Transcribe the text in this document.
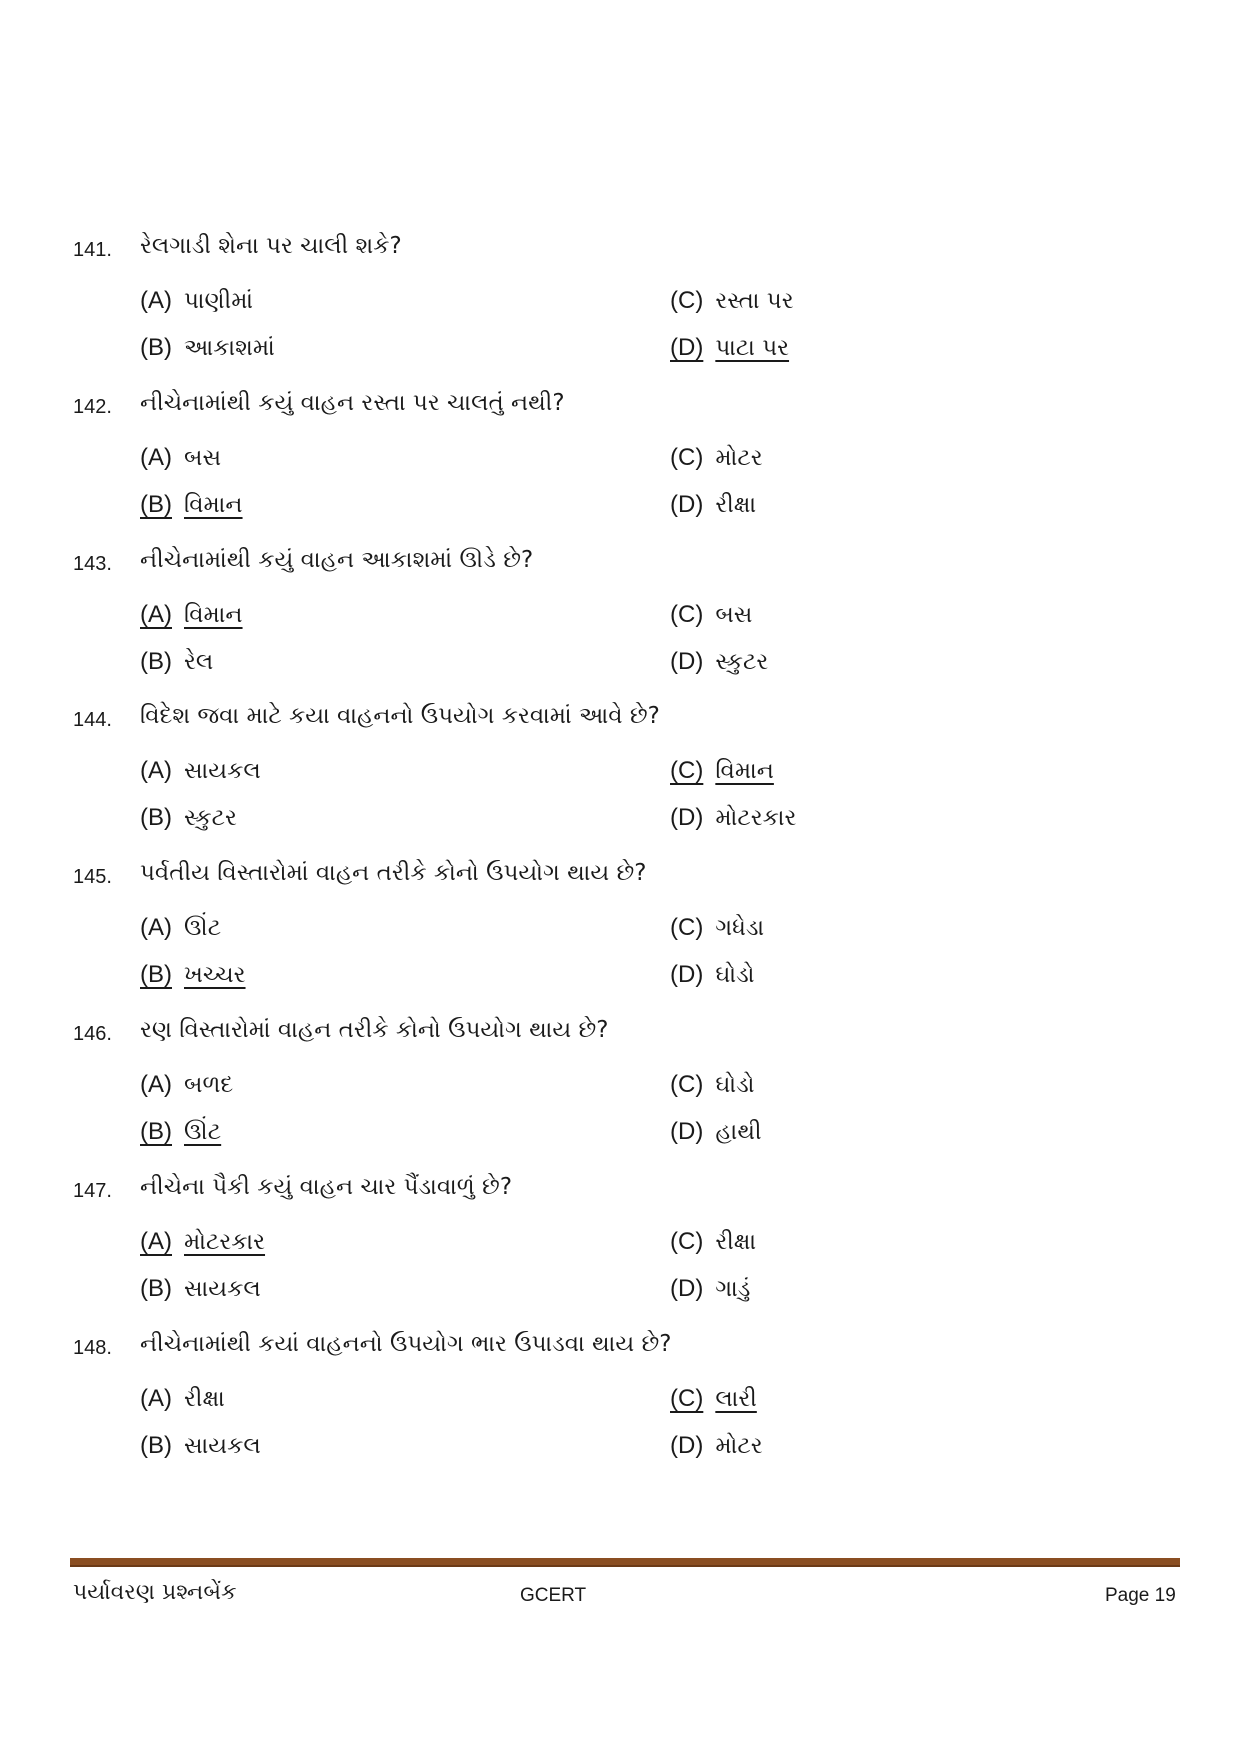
141. રેલગાડી શેના પર ચાલી શકે?
(A) પાણીમાં	(C) રસ્તા પર
(B) આકાશમાં	(D) પાટા પર
142. નીચેનામાંથી કયું વાહન રસ્તા પર ચાલતું નથી?
(A) બસ	(C) મોટર
(B) વિમાન	(D) રીક્ષા
143. નીચેનામાંથી કયું વાહન આકાશમાં ઊડે છે?
(A) વિમાન	(C) બસ
(B) રેલ	(D) સ્કુટર
144. વિદેશ જવા માટે કયા વાહનનો ઉપયોગ કરવામાં આવે છે?
(A) સાયકલ	(C) વિમાન
(B) સ્કુટર	(D) મોટરકાર
145. પર્વતીય વિસ્તારોમાં વાહન તરીકે કોનો ઉપયોગ થાય છે?
(A) ઊંટ	(C) ગધેડા
(B) ખચ્ચર	(D) ઘોડો
146. રણ વિસ્તારોમાં વાહન તરીકે કોનો ઉપયોગ થાય છે?
(A) બળદ	(C) ઘોડો
(B) ઊંટ	(D) હાથી
147. નીચેના પૈકી કયું વાહન ચાર પૈંડાવાળું છે?
(A) મોટરકાર	(C) રીક્ષા
(B) સાયકલ	(D) ગાડું
148. નીચેનામાંથી કયાં વાહનનો ઉપયોગ ભાર ઉપાડવા થાય છે?
(A) રીક્ષા	(C) લારી
(B) સાયકલ	(D) મોટર
પર્યાવરણ પ્રશ્નબેંક	GCERT	Page 19
